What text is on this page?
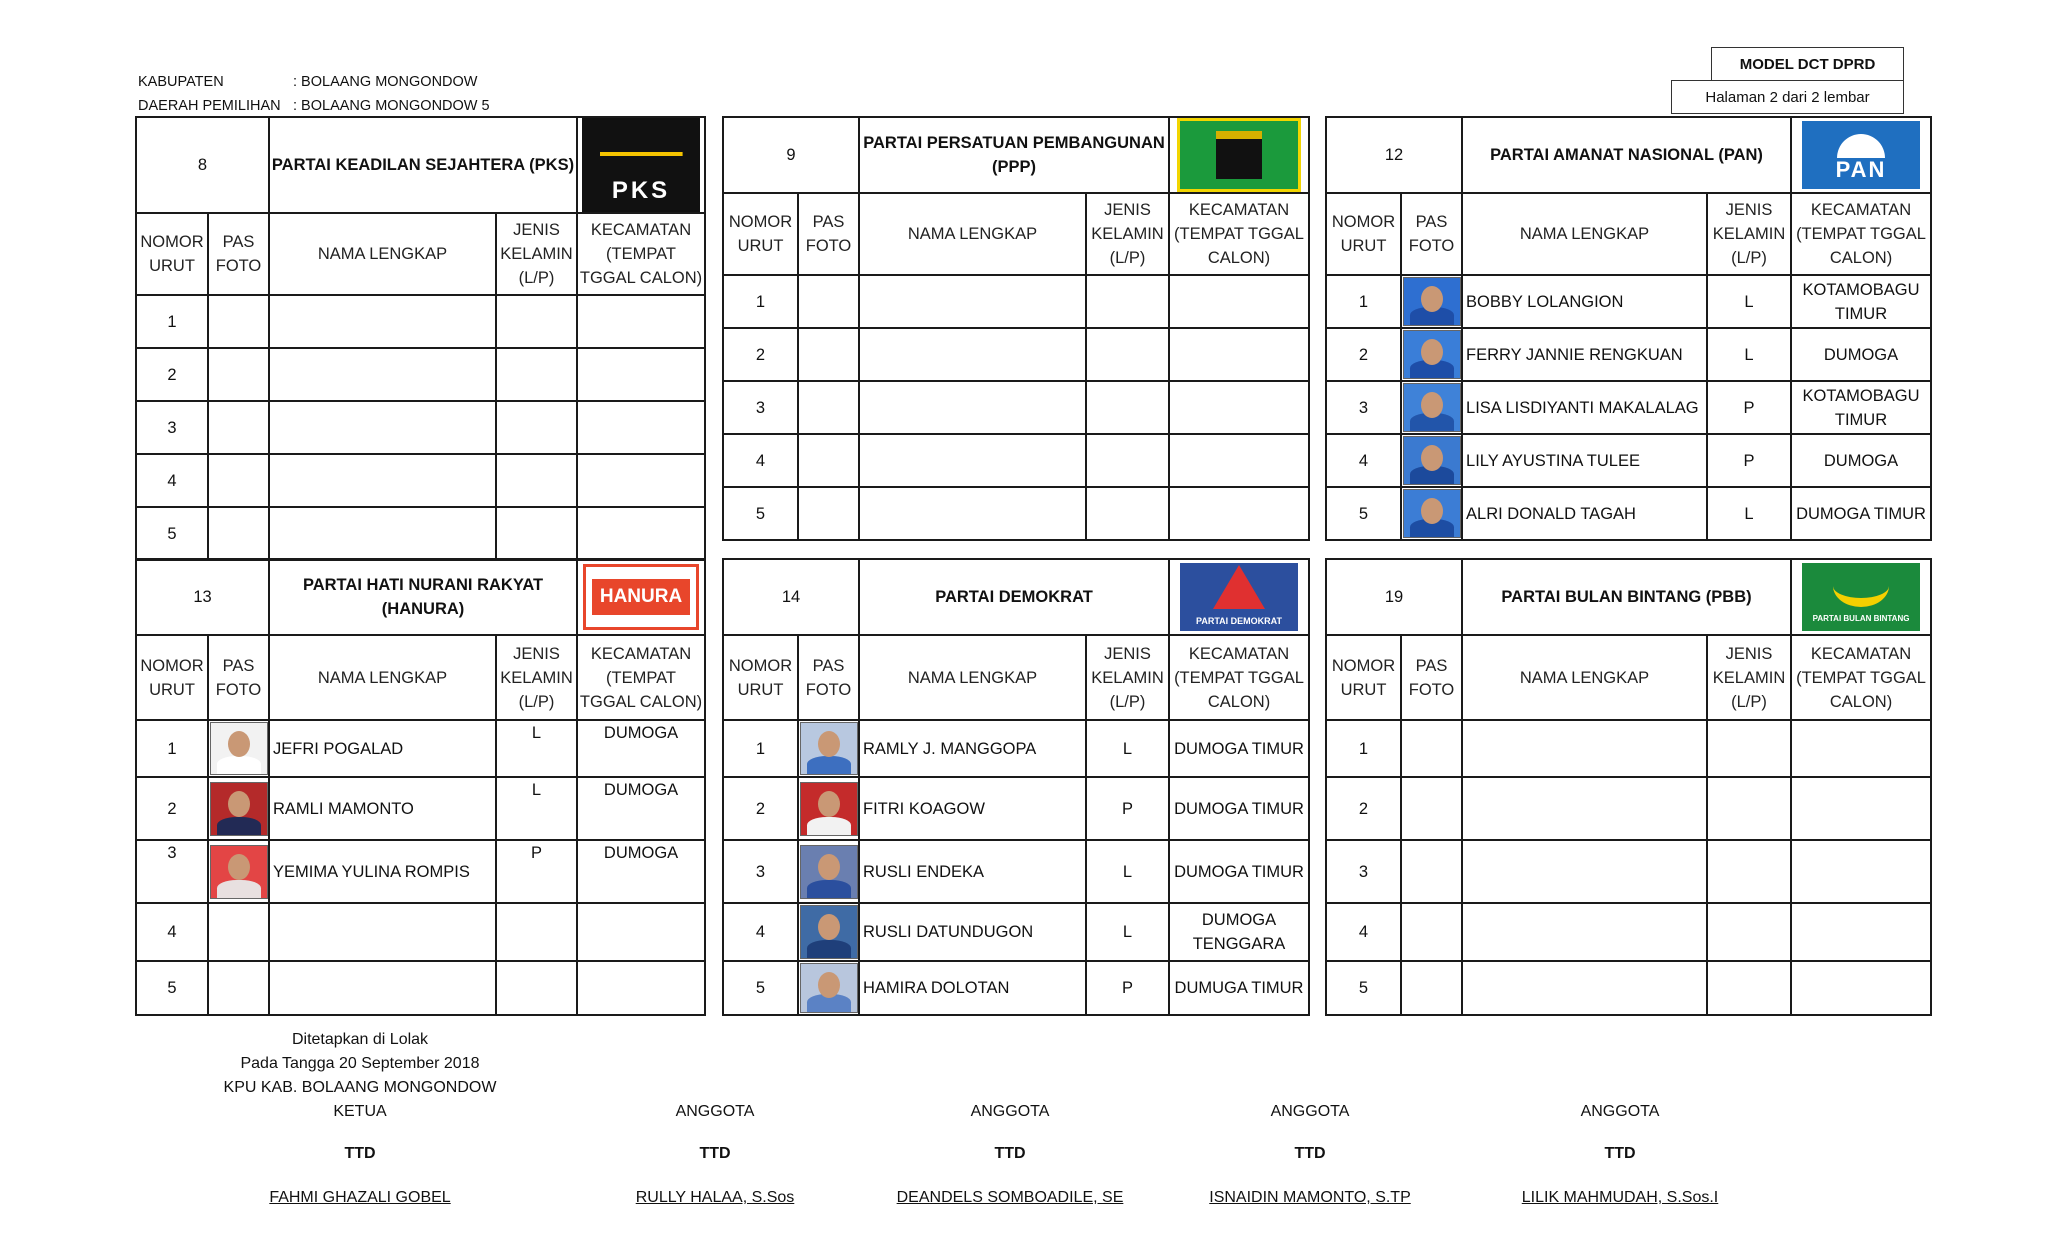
KABUPATEN	: BOLAANG MONGONDOW
DAERAH PEMILIHAN : BOLAANG MONGONDOW 5
MODEL DCT DPRD
Halaman 2 dari 2 lembar
8		PARTAI KEADILAN SEJAHTERA (PKS)		PKS

NOMOR URUT	PAS FOTO	NAMA LENGKAP	JENIS KELAMIN (L/P)	KECAMATAN (TEMPAT TGGAL CALON)
1				
2				
3				
4				
5				
9		PARTAI PERSATUAN PEMBANGUNAN (PPP)		

NOMOR URUT	PAS FOTO	NAMA LENGKAP	JENIS KELAMIN (L/P)	KECAMATAN (TEMPAT TGGAL CALON)
1				
2				
3				
4				
5				
12		PARTAI AMANAT NASIONAL (PAN)		PAN

NOMOR URUT	PAS FOTO	NAMA LENGKAP	JENIS KELAMIN (L/P)	KECAMATAN (TEMPAT TGGAL CALON)
1		BOBBY LOLANGION	L	KOTAMOBAGU TIMUR
2		FERRY JANNIE RENGKUAN	L	DUMOGA
3		LISA LISDIYANTI MAKALALAG	P	KOTAMOBAGU TIMUR
4		LILY AYUSTINA TULEE	P	DUMOGA
5		ALRI DONALD TAGAH	L	DUMOGA TIMUR
13		PARTAI HATI NURANI RAKYAT (HANURA)		HANURA

NOMOR URUT	PAS FOTO	NAMA LENGKAP	JENIS KELAMIN (L/P)	KECAMATAN (TEMPAT TGGAL CALON)
1		JEFRI POGALAD	L	DUMOGA
2		RAMLI MAMONTO	L	DUMOGA
3		YEMIMA YULINA ROMPIS	P	DUMOGA
4				
5				
14		PARTAI DEMOKRAT		PARTAI DEMOKRAT

NOMOR URUT	PAS FOTO	NAMA LENGKAP	JENIS KELAMIN (L/P)	KECAMATAN (TEMPAT TGGAL CALON)
1		RAMLY J. MANGGOPA	L	DUMOGA TIMUR
2		FITRI KOAGOW	P	DUMOGA TIMUR
3		RUSLI ENDEKA	L	DUMOGA TIMUR
4		RUSLI DATUNDUGON	L	DUMOGA TENGGARA
5		HAMIRA DOLOTAN	P	DUMUGA TIMUR
19		PARTAI BULAN BINTANG (PBB)		PARTAI BULAN BINTANG

NOMOR URUT	PAS FOTO	NAMA LENGKAP	JENIS KELAMIN (L/P)	KECAMATAN (TEMPAT TGGAL CALON)
1				
2				
3				
4				
5				
Ditetapkan di Lolak
Pada Tangga 20 September 2018
KPU KAB. BOLAANG MONGONDOW
KETUA
TTD
FAHMI GHAZALI GOBEL
ANGGOTA
TTD
RULLY HALAA, S.Sos
ANGGOTA
TTD
DEANDELS SOMBOADILE, SE
ANGGOTA
TTD
ISNAIDIN MAMONTO, S.TP
ANGGOTA
TTD
LILIK MAHMUDAH, S.Sos.I
